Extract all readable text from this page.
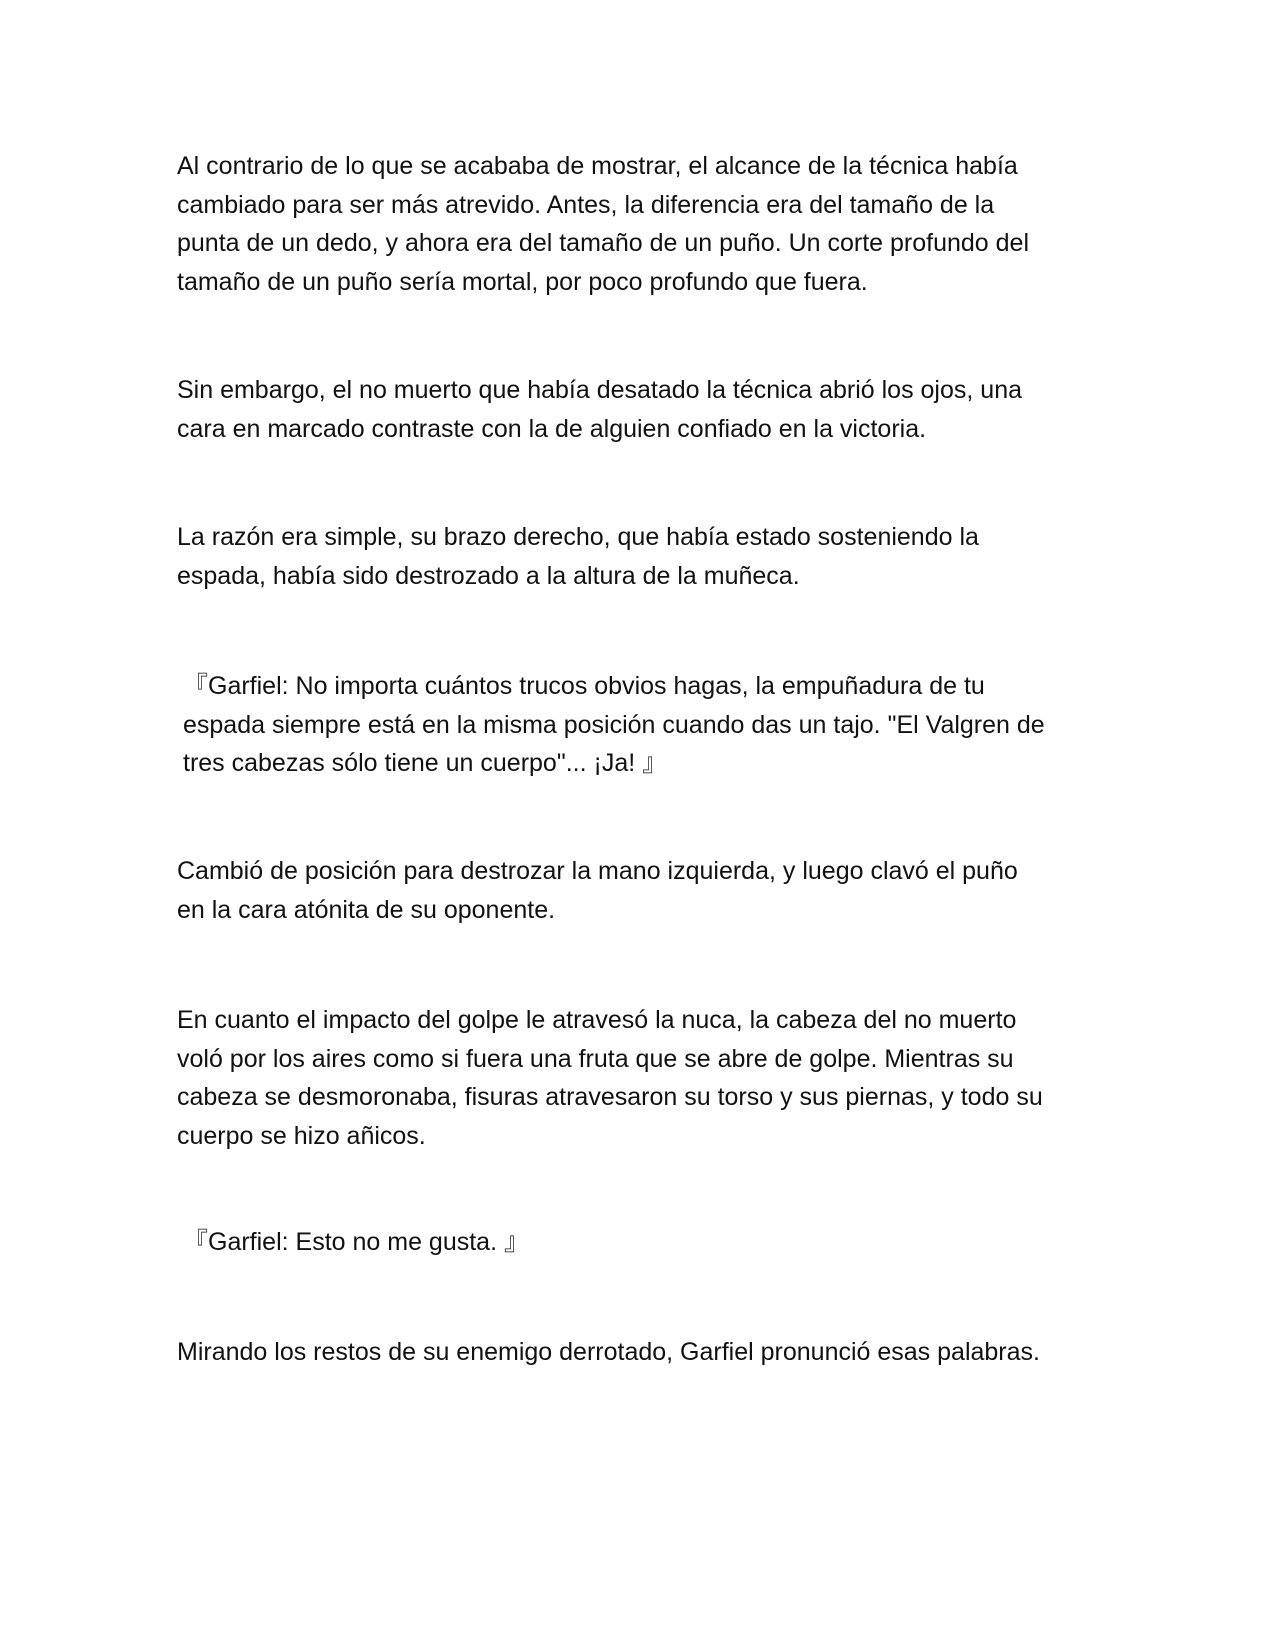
Al contrario de lo que se acababa de mostrar, el alcance de la técnica había
cambiado para ser más atrevido. Antes, la diferencia era del tamaño de la
punta de un dedo, y ahora era del tamaño de un puño. Un corte profundo del
tamaño de un puño sería mortal, por poco profundo que fuera.

Sin embargo, el no muerto que había desatado la técnica abrió los ojos, una
cara en marcado contraste con la de alguien confiado en la victoria.

La razón era simple, su brazo derecho, que había estado sosteniendo la
espada, había sido destrozado a la altura de la muñeca.

『Garfiel: No importa cuántos trucos obvios hagas, la empuñadura de tu
espada siempre está en la misma posición cuando das un tajo. "El Valgren de
tres cabezas sólo tiene un cuerpo"... ¡Ja! 』

Cambió de posición para destrozar la mano izquierda, y luego clavó el puño
en la cara atónita de su oponente.

En cuanto el impacto del golpe le atravesó la nuca, la cabeza del no muerto
voló por los aires como si fuera una fruta que se abre de golpe. Mientras su
cabeza se desmoronaba, fisuras atravesaron su torso y sus piernas, y todo su
cuerpo se hizo añicos.

『Garfiel: Esto no me gusta. 』

Mirando los restos de su enemigo derrotado, Garfiel pronunció esas palabras.
